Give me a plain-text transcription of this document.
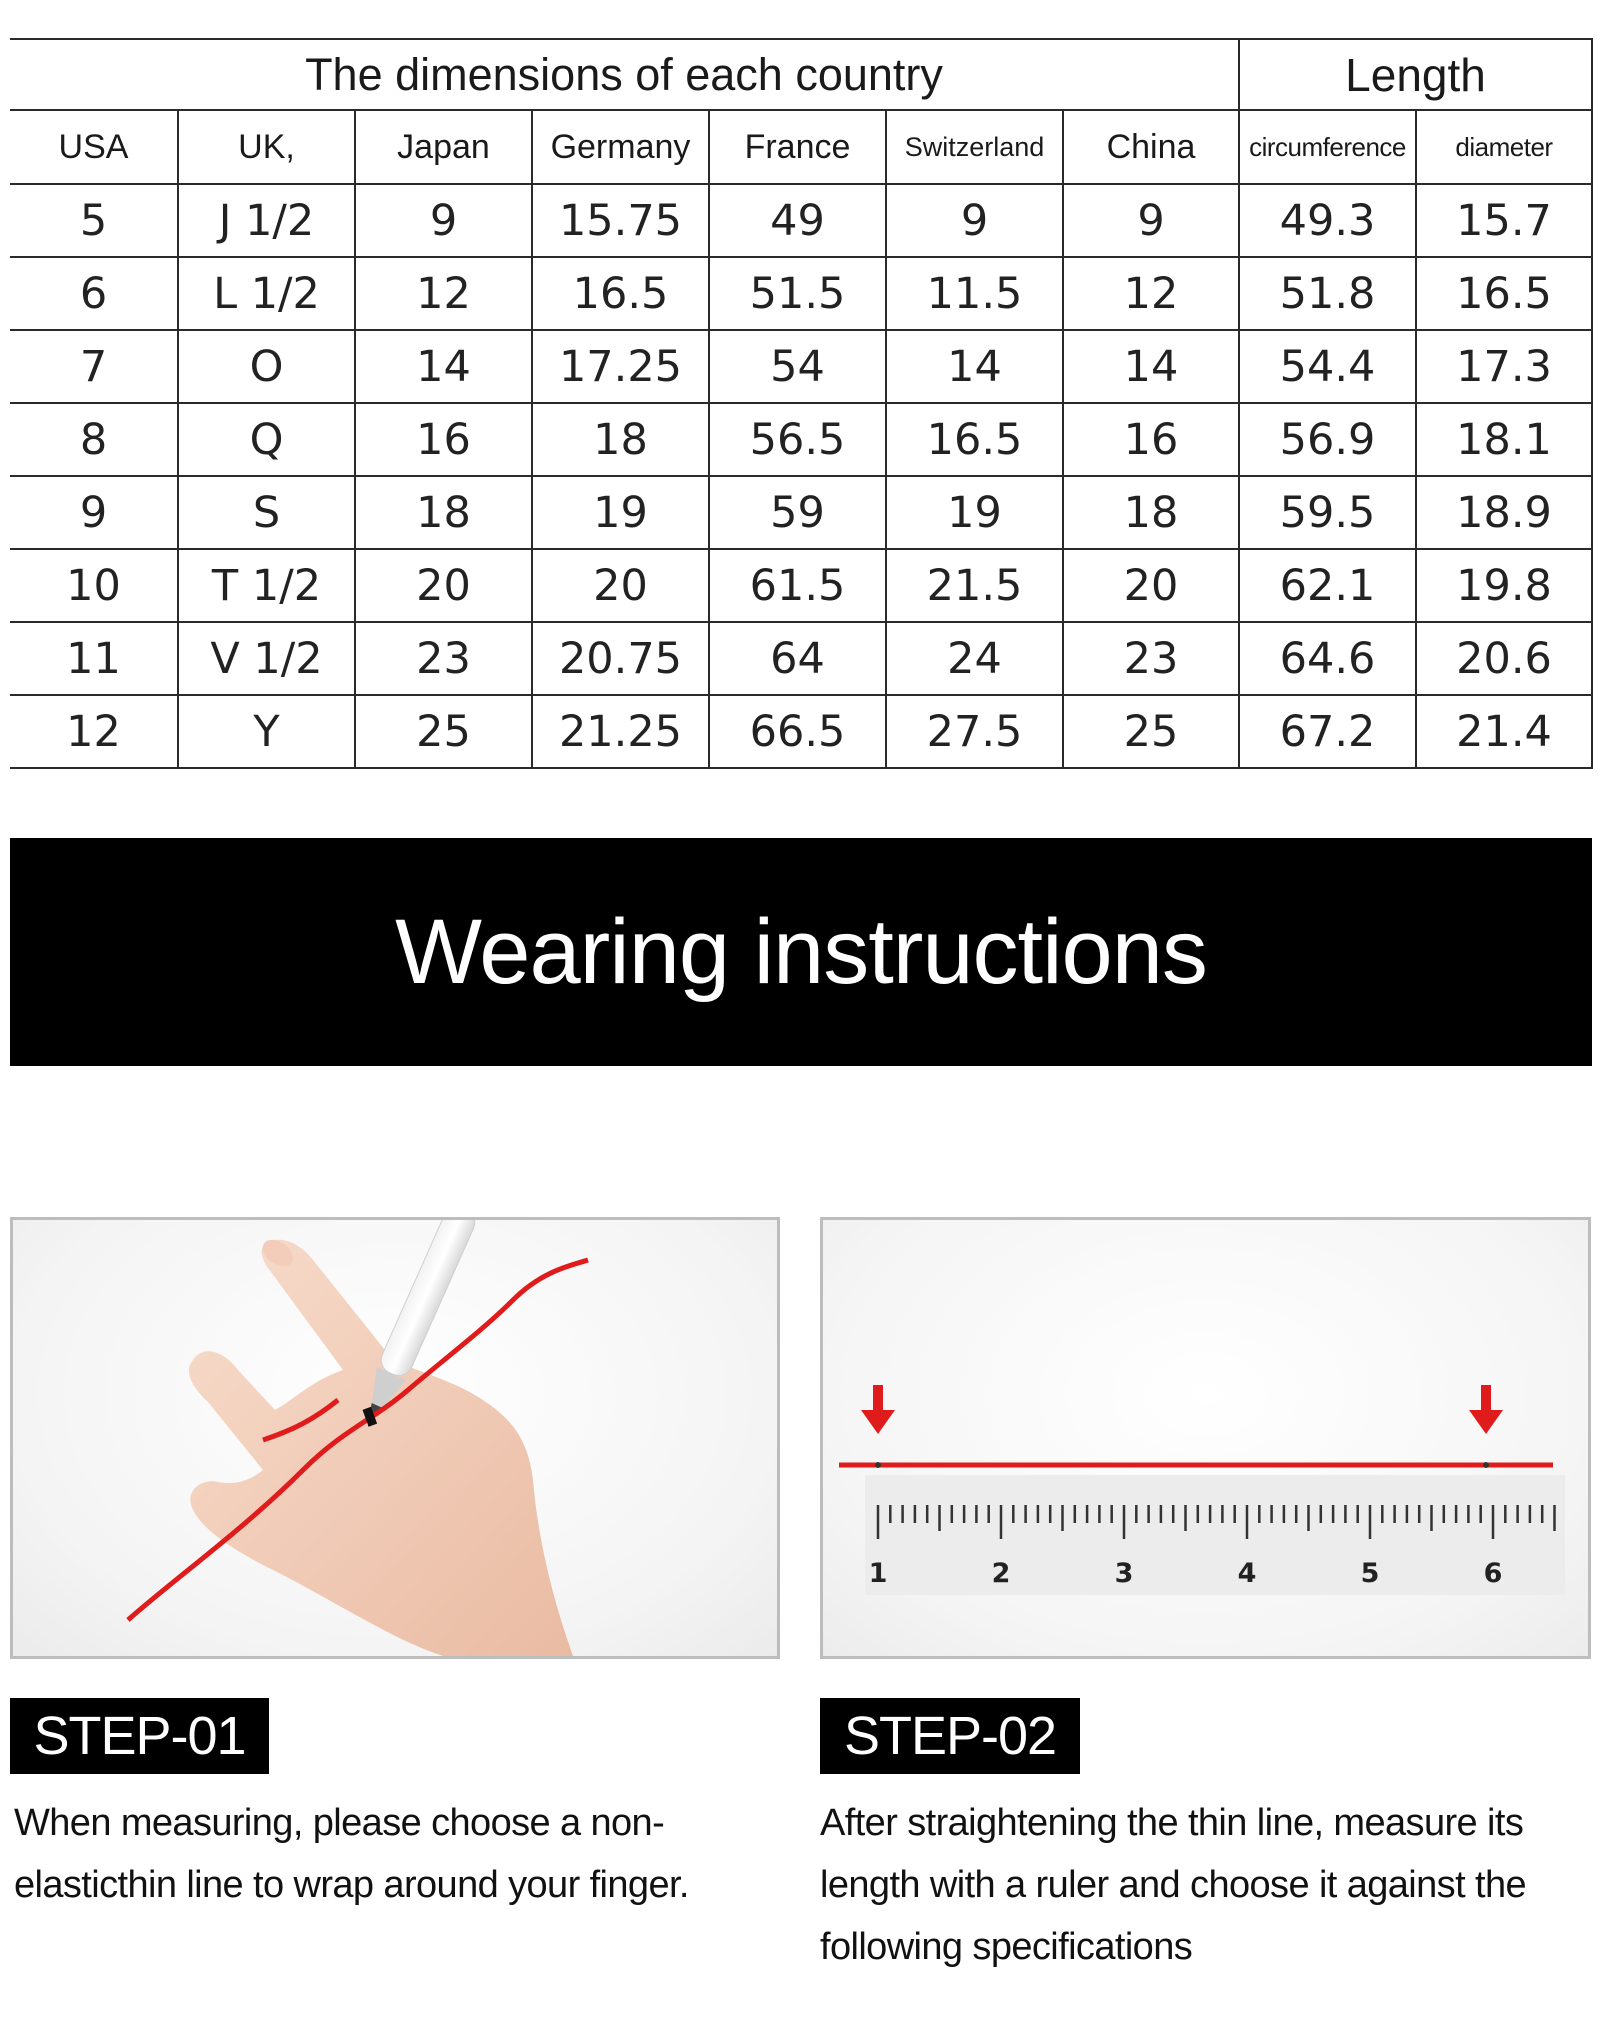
The dimensions of each country							Length	
USA	UK,	Japan	Germany	France	Switzerland	China	circumference	diameter
5	J 1/2	9	15.75	49	9	9	49.3	15.7
6	L 1/2	12	16.5	51.5	11.5	12	51.8	16.5
7	O	14	17.25	54	14	14	54.4	17.3
8	Q	16	18	56.5	16.5	16	56.9	18.1
9	S	18	19	59	19	18	59.5	18.9
10	T 1/2	20	20	61.5	21.5	20	62.1	19.8
11	V 1/2	23	20.75	64	24	23	64.6	20.6
12	Y	25	21.25	66.5	27.5	25	67.2	21.4
Wearing instructions
1	2	3	4	5	6
STEP-01
When measuring, please choose a non-elasticthin line to wrap around your finger.
STEP-02
After straightening the thin line, measure its length with a ruler and choose it against the following specifications
